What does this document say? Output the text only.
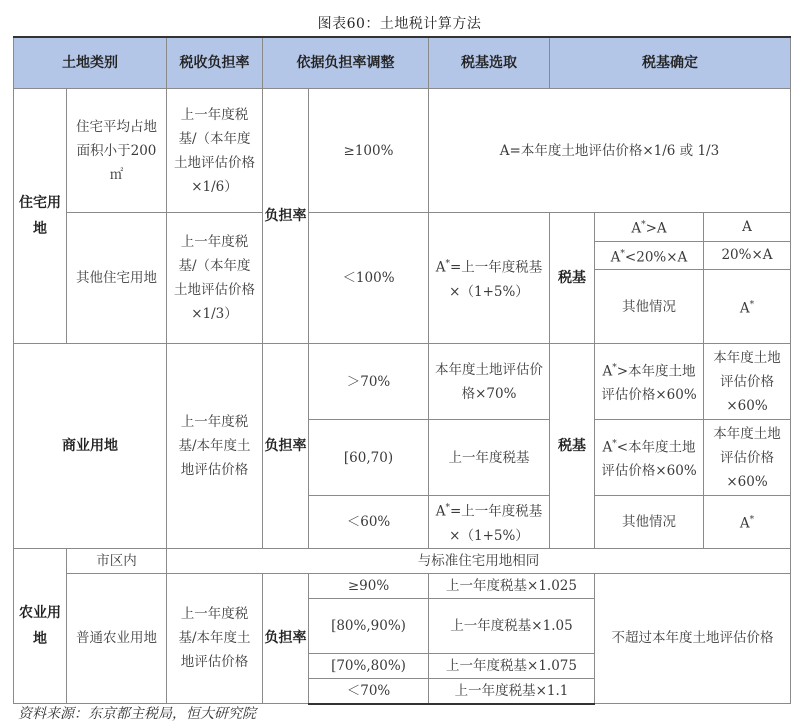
图表60：土地税计算方法
土地类别		税收负担率	依据负担率调整		税基选取	税基确定		
住宅用地	住宅平均占地面积小于200 ㎡	上一年度税基/（本年度土地评估价格×1/6）	负担率	≥100%	A=本年度土地评估价格×1/6 或 1/3			
	其他住宅用地	上一年度税基/（本年度土地评估价格×1/3）		＜100%	A*=上一年度税基×（1+5%）	税基	A*>A	A
							A*<20%×A	20%×A
							其他情况	A*
商业用地		上一年度税基/本年度土地评估价格	负担率	＞70%	本年度土地评估价格×70%	税基	A*>本年度土地评估价格×60%	本年度土地评估价格×60%
				[60,70)	上一年度税基		A*<本年度土地评估价格×60%	本年度土地评估价格×60%
				＜60%	A*=上一年度税基×（1+5%）		其他情况	A*
农业用地	市区内	与标准住宅用地相同						
	普通农业用地	上一年度税基/本年度土地评估价格	负担率	≥90%	上一年度税基×1.025		不超过本年度土地评估价格	
				[80%,90%)	上一年度税基×1.05			
				[70%,80%)	上一年度税基×1.075			
				＜70%	上一年度税基×1.1			
资料来源：东京都主税局，恒大研究院
